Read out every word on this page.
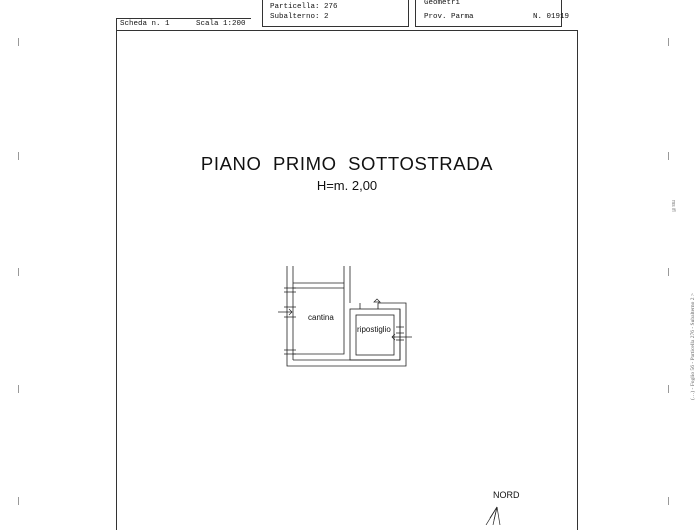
Scheda n. 1	Scala 1:200
Particella: 276
Subalterno: 2
Geometri
Prov. Parma	N. 01919
PIANO PRIMO SOTTOSTRADA
H=m. 2,00
cantina
ripostiglio
NORD
ms ifl
(…) - Foglio 56 - Particella 276 - Subalterno 2 >
